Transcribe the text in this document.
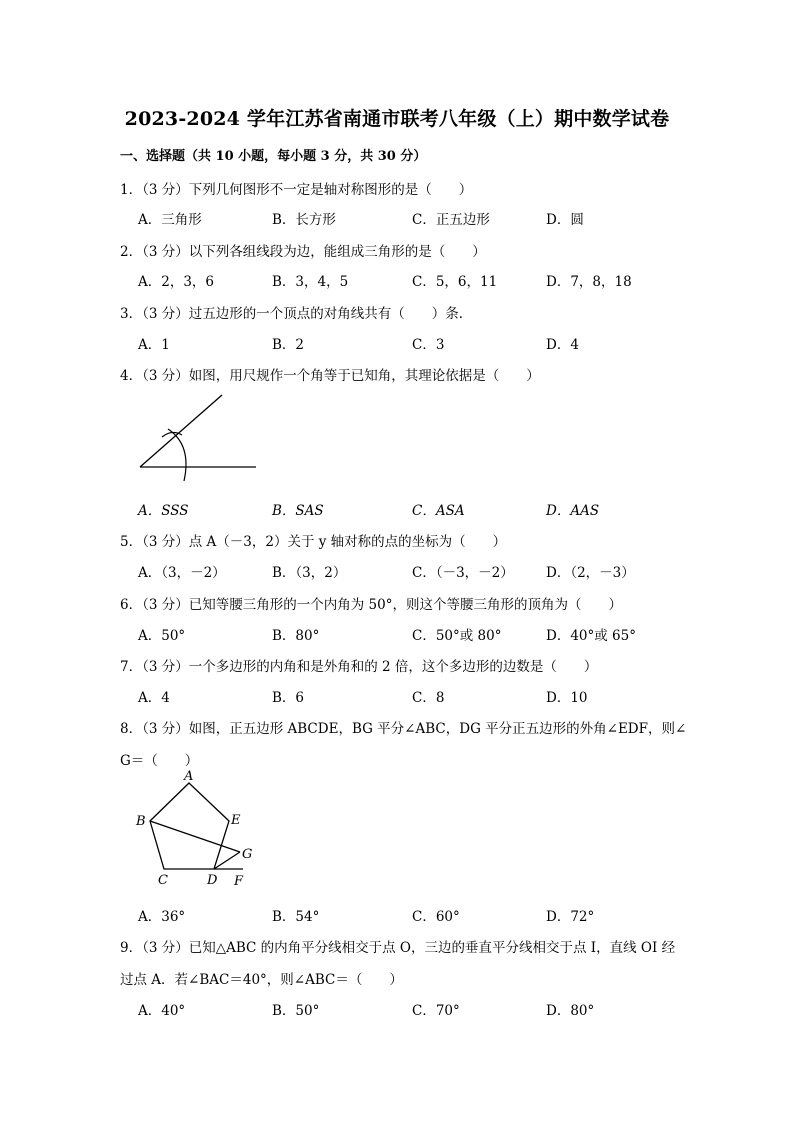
2023-2024 学年江苏省南通市联考八年级（上）期中数学试卷
一、选择题（共 10 小题，每小题 3 分，共 30 分）
1．（3 分）下列几何图形不一定是轴对称图形的是（　　）
A．三角形	B．长方形	C．正五边形	D．圆
2．（3 分）以下列各组线段为边，能组成三角形的是（　　）
A．2，3，6	B．3，4，5	C．5，6，11	D．7，8，18
3．（3 分）过五边形的一个顶点的对角线共有（　　）条．
A．1	B．2	C．3	D．4
4．（3 分）如图，用尺规作一个角等于已知角，其理论依据是（　　）
A．SSS	B．SAS	C．ASA	D．AAS
5．（3 分）点 A（－3，2）关于 y 轴对称的点的坐标为（　　）
A．（3，－2）	B．（3，2）	C．（－3，－2） D．（2，－3）
6．（3 分）已知等腰三角形的一个内角为 50°，则这个等腰三角形的顶角为（　　）
A．50°	B．80°	C．50°或 80°	D．40°或 65°
7．（3 分）一个多边形的内角和是外角和的 2 倍，这个多边形的边数是（　　）
A．4	B．6	C．8	D．10
8．（3 分）如图，正五边形 ABCDE，BG 平分∠ABC，DG 平分正五边形的外角∠EDF，则∠
G＝（　　）
A
B
C	D
E
F
G
A．36°	B．54°	C．60°	D．72°
9．（3 分）已知△ABC 的内角平分线相交于点 O，三边的垂直平分线相交于点 I，直线 OI 经
过点 A．若∠BAC＝40°，则∠ABC＝（　　）
A．40°	B．50°	C．70°	D．80°
